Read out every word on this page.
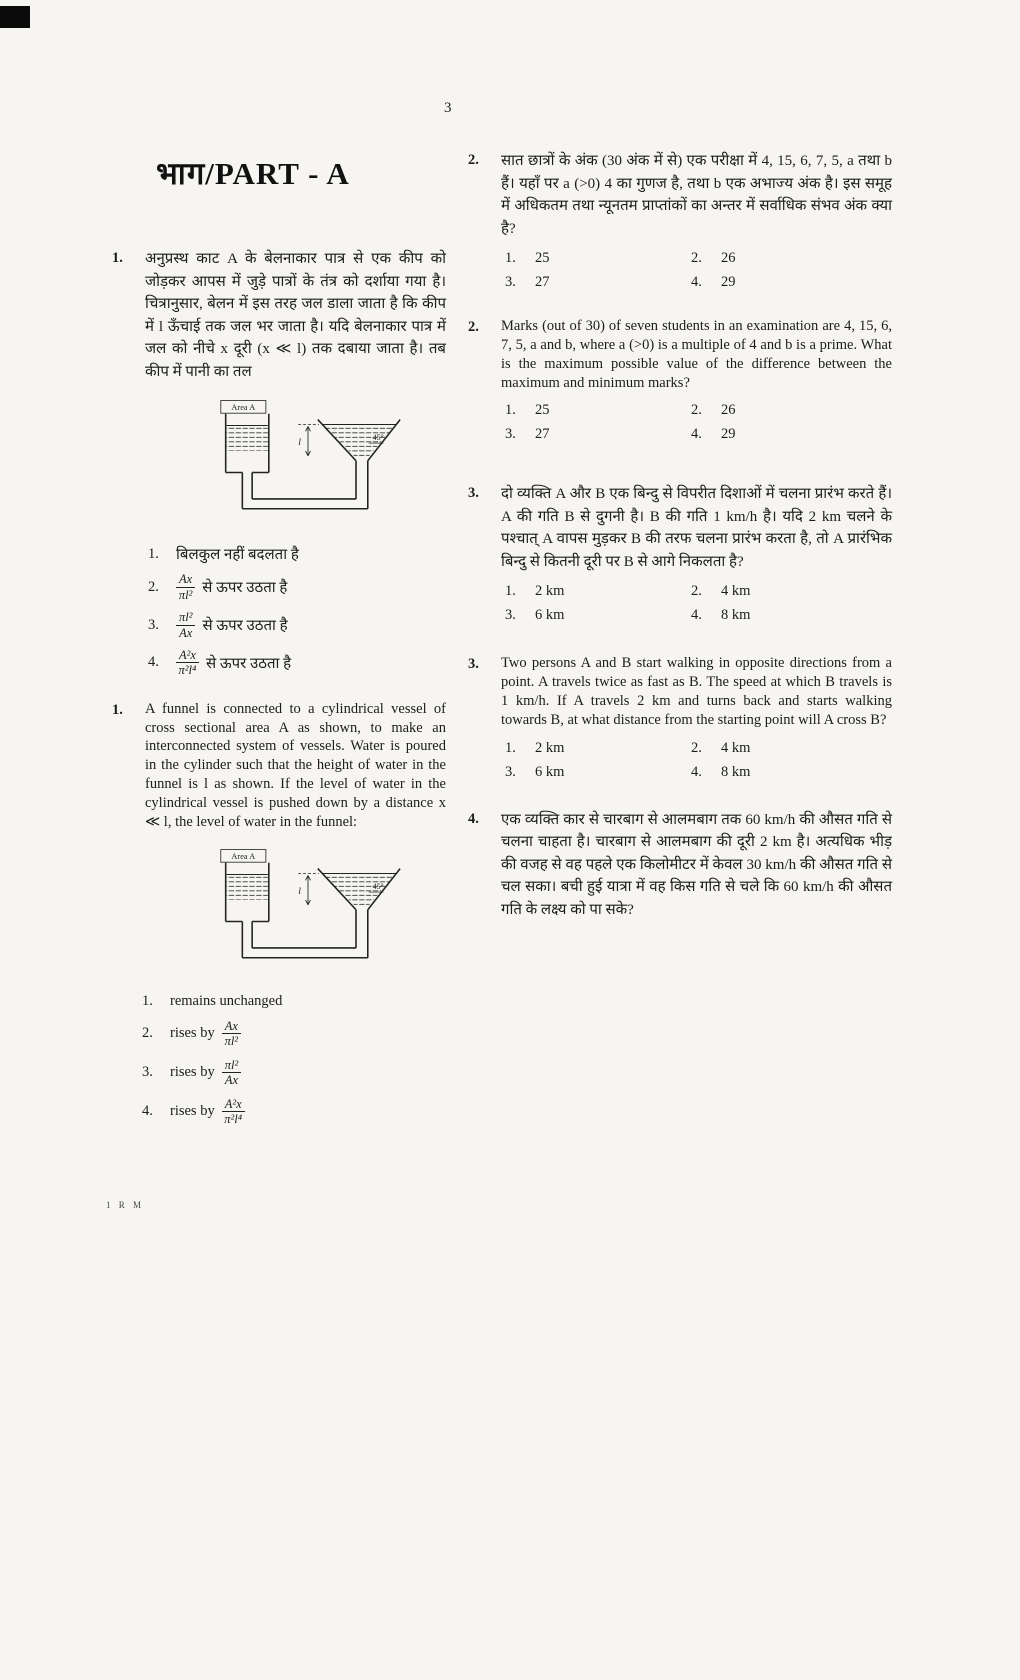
3
भाग/PART - A
1.	अनुप्रस्थ काट A के बेलनाकार पात्र से एक कीप को जोड़कर आपस में जुड़े पात्रों के तंत्र को दर्शाया गया है। चित्रानुसार, बेलन में इस तरह जल डाला जाता है कि कीप में l ऊँचाई तक जल भर जाता है। यदि बेलनाकार पात्र में जल को नीचे x दूरी (x ≪ l) तक दबाया जाता है। तब कीप में पानी का तल

Area A
l	45°
1.	बिलकुल नहीं बदलता है
2.	$\frac{Ax}{\text{πl²}}$ से ऊपर उठता है
3.	$\frac{\text{πl²}}{Ax}$ से ऊपर उठता है
4.	$\frac{\text{A²x}}{\text{π²l⁴}}$ से ऊपर उठता है
1.	A funnel is connected to a cylindrical vessel of cross sectional area A as shown, to make an interconnected system of vessels. Water is poured in the cylinder such that the height of water in the funnel is l as shown. If the level of water in the cylindrical vessel is pushed down by a distance x ≪ l, the level of water in the funnel:

Area A
l	45°
1.	remains unchanged
2.	rises by $\frac{Ax}{\text{πl²}}$
3.	rises by $\frac{\text{πl²}}{Ax}$
4.	rises by $\frac{\text{A²x}}{\text{π²l⁴}}$
2.	सात छात्रों के अंक (30 अंक में से) एक परीक्षा में 4, 15, 6, 7, 5, a तथा b हैं। यहाँ पर a (>0) 4 का गुणज है, तथा b एक अभाज्य अंक है। इस समूह में अधिकतम तथा न्यूनतम प्राप्तांकों का अन्तर में सर्वाधिक संभव अंक क्या है?

1.	25	2.	26
3.	27	4.	29
2.	Marks (out of 30) of seven students in an examination are 4, 15, 6, 7, 5, a and b, where a (>0) is a multiple of 4 and b is a prime. What is the maximum possible value of the difference between the maximum and minimum marks?

1.	25	2.	26
3.	27	4.	29
3.	दो व्यक्ति A और B एक बिन्दु से विपरीत दिशाओं में चलना प्रारंभ करते हैं। A की गति B से दुगनी है। B की गति 1 km/h है। यदि 2 km चलने के पश्चात् A वापस मुड़कर B की तरफ चलना प्रारंभ करता है, तो A प्रारंभिक बिन्दु से कितनी दूरी पर B से आगे निकलता है?

1.	2 km	2.	4 km
3.	6 km	4.	8 km
3.	Two persons A and B start walking in opposite directions from a point. A travels twice as fast as B. The speed at which B travels is 1 km/h. If A travels 2 km and turns back and starts walking towards B, at what distance from the starting point will A cross B?

1.	2 km	2.	4 km
3.	6 km	4.	8 km
4.	एक व्यक्ति कार से चारबाग से आलमबाग तक 60 km/h की औसत गति से चलना चाहता है। चारबाग से आलमबाग की दूरी 2 km है। अत्यधिक भीड़ की वजह से वह पहले एक किलोमीटर में केवल 30 km/h की औसत गति से चल सका। बची हुई यात्रा में वह किस गति से चले कि 60 km/h की औसत गति के लक्ष्य को पा सके?

1 R M
